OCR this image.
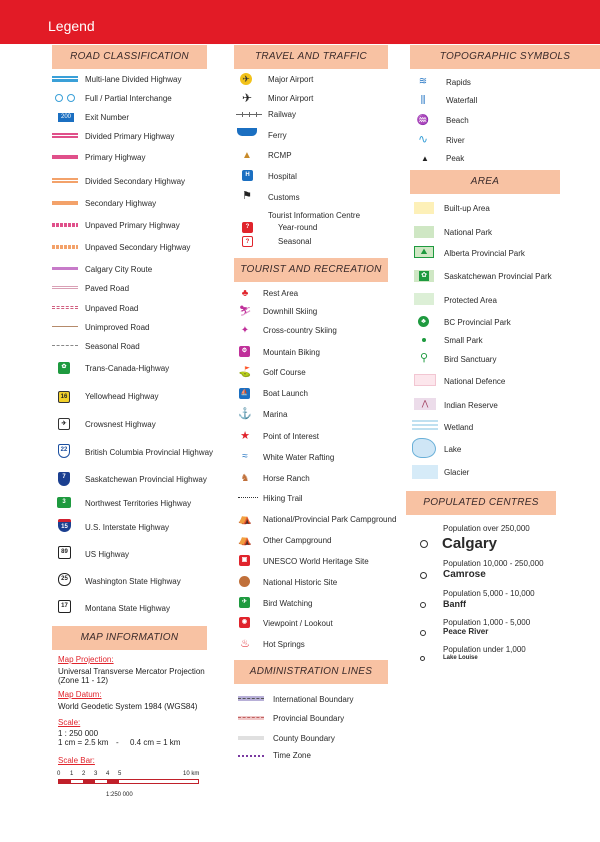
Legend
ROAD CLASSIFICATION
Multi-lane Divided Highway
Full / Partial Interchange
200	Exit Number
Divided Primary Highway
Primary Highway
Divided Secondary Highway
Secondary Highway
Unpaved Primary Highway
Unpaved Secondary Highway
Calgary City Route
Paved Road
Unpaved Road
Unimproved Road
Seasonal Road
✿	Trans-Canada-Highway
16	Yellowhead Highway
✈	Crowsnest Highway
22	British Columbia Provincial Highway
7	Saskatchewan Provincial Highway
3	Northwest Territories Highway
15	U.S. Interstate Highway
89	US Highway
25	Washington State Highway
17	Montana State Highway
MAP INFORMATION
Map Projection:
Universal Transverse Mercator Projection
(Zone 11 - 12)
Map Datum:
World Geodetic System 1984 (WGS84)
Scale:
1 : 250 000
1 cm = 2.5 km - 0.4 cm = 1 km
Scale Bar:
0 1 2 3 4 5	10 km
1:250 000
TRAVEL AND TRAFFIC
✈ Major Airport
✈ Minor Airport
Railway
Ferry
▲ RCMP
H	Hospital
⚑ Customs
Tourist Information Centre
?	Year-round
?	Seasonal
TOURIST AND RECREATION
♣	Rest Area
⛷ Downhill Skiing
✦	Cross-country Skiing
⚙	Mountain Biking
⛳ Golf Course
⛵ Boat Launch
⚓ Marina
★ Point of Interest
≈	White Water Rafting
♞	Horse Ranch
Hiking Trail
⛺ National/Provincial Park Campground
⛺ Other Campground
▣	UNESCO World Heritage Site
National Historic Site
✈	Bird Watching
◉	Viewpoint / Lookout
♨ Hot Springs
ADMINISTRATION LINES
International Boundary
Provincial Boundary
County Boundary
Time Zone
TOPOGRAPHIC SYMBOLS
≋	Rapids
⫼	Waterfall
♒ Beach
∿ River
▲	Peak
AREA
Built-up Area
National Park
⛰	Alberta Provincial Park
✿ Saskatchewan Provincial Park
Protected Area
♣	BC Provincial Park
Small Park
⚲	Bird Sanctuary
National Defence
⋀	Indian Reserve
Wetland
Lake
Glacier
POPULATED CENTRES
Population over 250,000
Calgary
Population 10,000 - 250,000
Camrose
Population 5,000 - 10,000
Banff
Population 1,000 - 5,000
Peace River
Population under 1,000
Lake Louise
